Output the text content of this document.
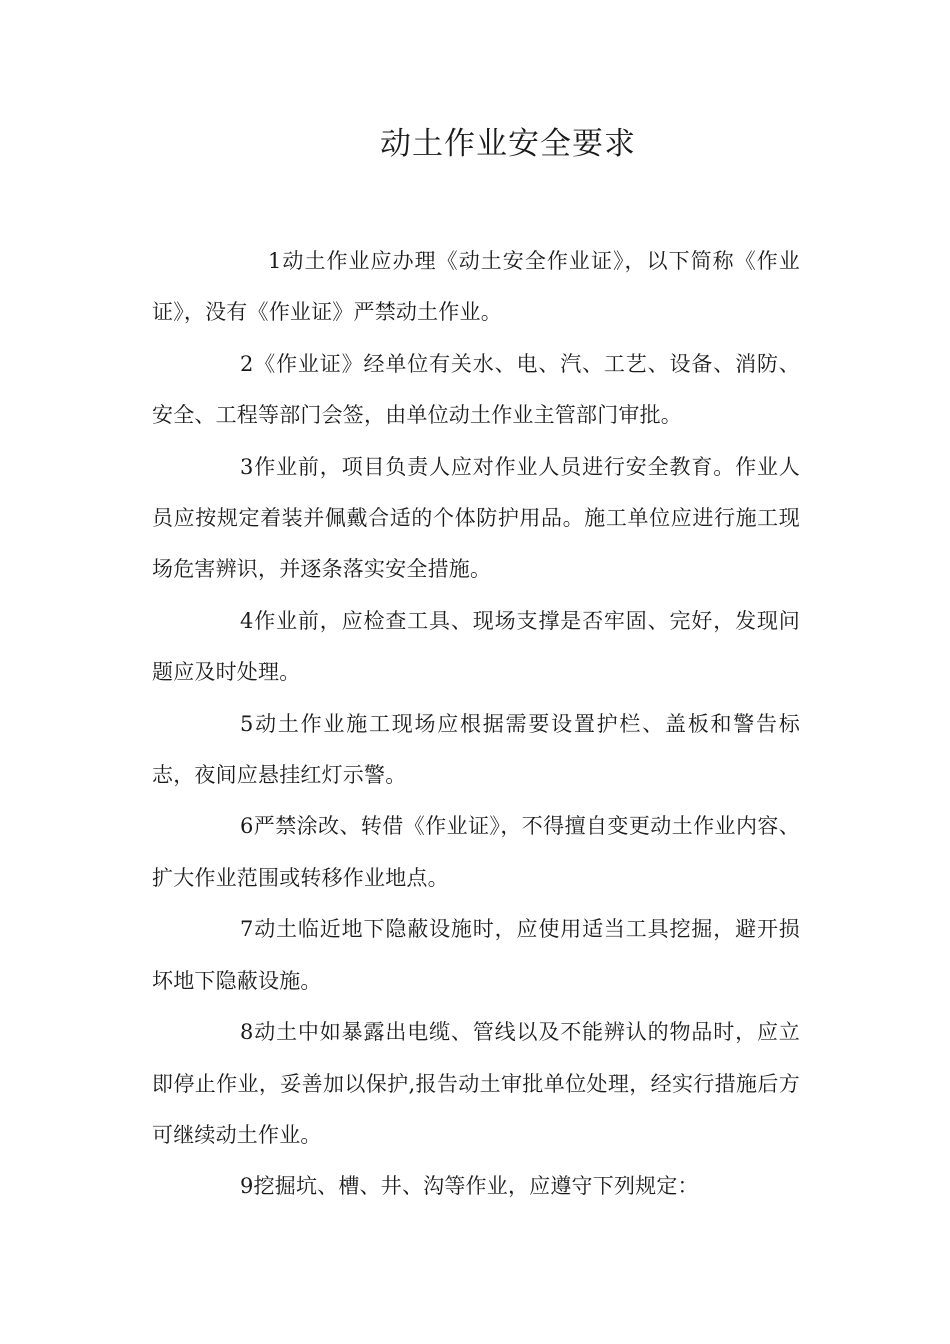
动土作业安全要求

1动土作业应办理《动土安全作业证》，以下简称《作业证》，没有《作业证》严禁动土作业。

2《作业证》经单位有关水、电、汽、工艺、设备、消防、安全、工程等部门会签，由单位动土作业主管部门审批。

3作业前，项目负责人应对作业人员进行安全教育。作业人员应按规定着装并佩戴合适的个体防护用品。施工单位应进行施工现场危害辨识，并逐条落实安全措施。

4作业前，应检查工具、现场支撑是否牢固、完好，发现问题应及时处理。

5动土作业施工现场应根据需要设置护栏、盖板和警告标志，夜间应悬挂红灯示警。

6严禁涂改、转借《作业证》，不得擅自变更动土作业内容、扩大作业范围或转移作业地点。

7动土临近地下隐蔽设施时，应使用适当工具挖掘，避开损坏地下隐蔽设施。

8动土中如暴露出电缆、管线以及不能辨认的物品时，应立即停止作业，妥善加以保护,报告动土审批单位处理，经实行措施后方可继续动土作业。

9挖掘坑、槽、井、沟等作业，应遵守下列规定：
